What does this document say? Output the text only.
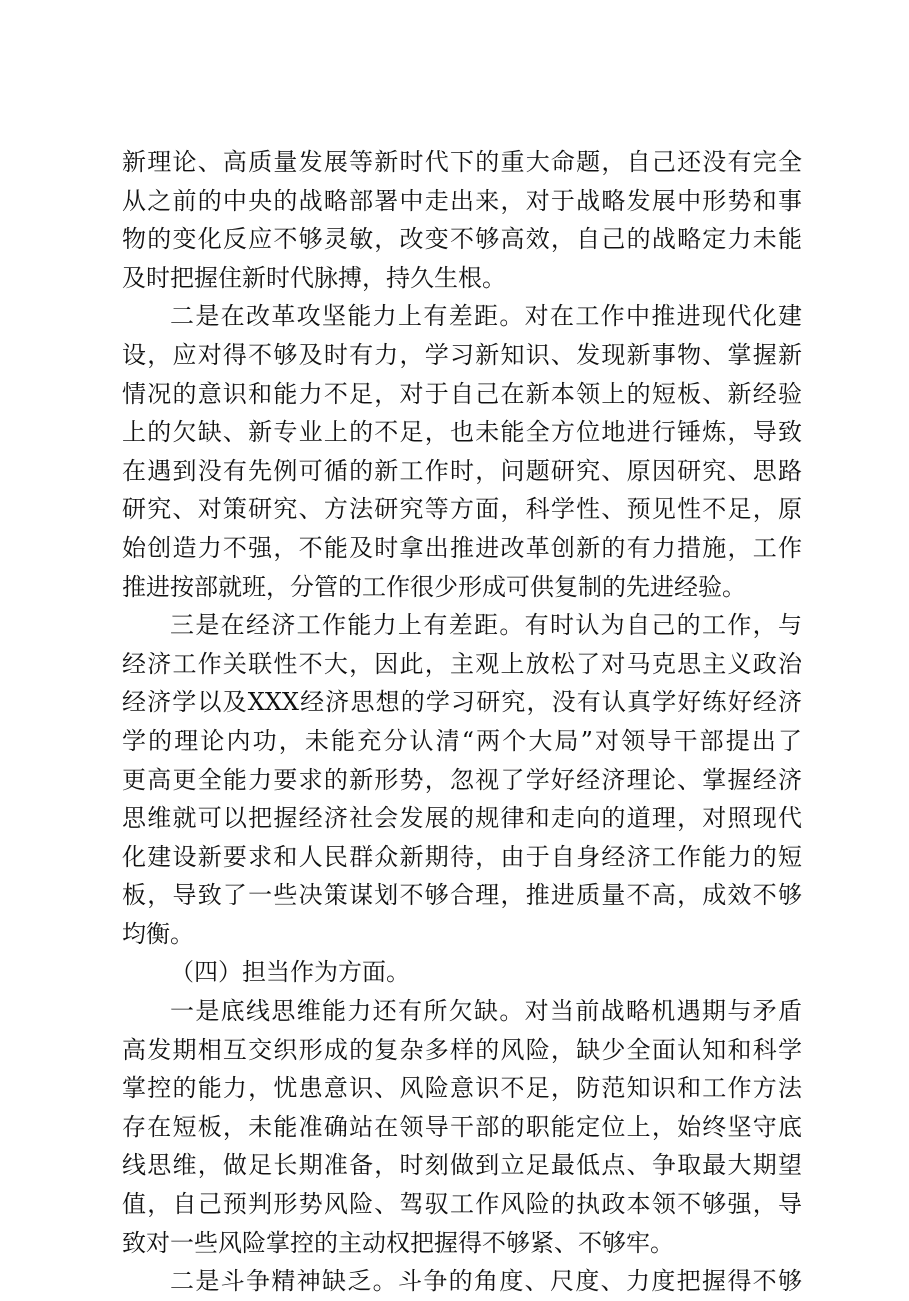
新理论、高质量发展等新时代下的重大命题，自己还没有完全
从之前的中央的战略部署中走出来，对于战略发展中形势和事
物的变化反应不够灵敏，改变不够高效，自己的战略定力未能
及时把握住新时代脉搏，持久生根。
二是在改革攻坚能力上有差距。对在工作中推进现代化建
设，应对得不够及时有力，学习新知识、发现新事物、掌握新
情况的意识和能力不足，对于自己在新本领上的短板、新经验
上的欠缺、新专业上的不足，也未能全方位地进行锤炼，导致
在遇到没有先例可循的新工作时，问题研究、原因研究、思路
研究、对策研究、方法研究等方面，科学性、预见性不足，原
始创造力不强，不能及时拿出推进改革创新的有力措施，工作
推进按部就班，分管的工作很少形成可供复制的先进经验。
三是在经济工作能力上有差距。有时认为自己的工作，与
经济工作关联性不大，因此，主观上放松了对马克思主义政治
经济学以及XXX经济思想的学习研究，没有认真学好练好经济
学的理论内功，未能充分认清“两个大局”对领导干部提出了
更高更全能力要求的新形势，忽视了学好经济理论、掌握经济
思维就可以把握经济社会发展的规律和走向的道理，对照现代
化建设新要求和人民群众新期待，由于自身经济工作能力的短
板，导致了一些决策谋划不够合理，推进质量不高，成效不够
均衡。
（四）担当作为方面。
一是底线思维能力还有所欠缺。对当前战略机遇期与矛盾
高发期相互交织形成的复杂多样的风险，缺少全面认知和科学
掌控的能力，忧患意识、风险意识不足，防范知识和工作方法
存在短板，未能准确站在领导干部的职能定位上，始终坚守底
线思维，做足长期准备，时刻做到立足最低点、争取最大期望
值，自己预判形势风险、驾驭工作风险的执政本领不够强，导
致对一些风险掌控的主动权把握得不够紧、不够牢。
二是斗争精神缺乏。斗争的角度、尺度、力度把握得不够
